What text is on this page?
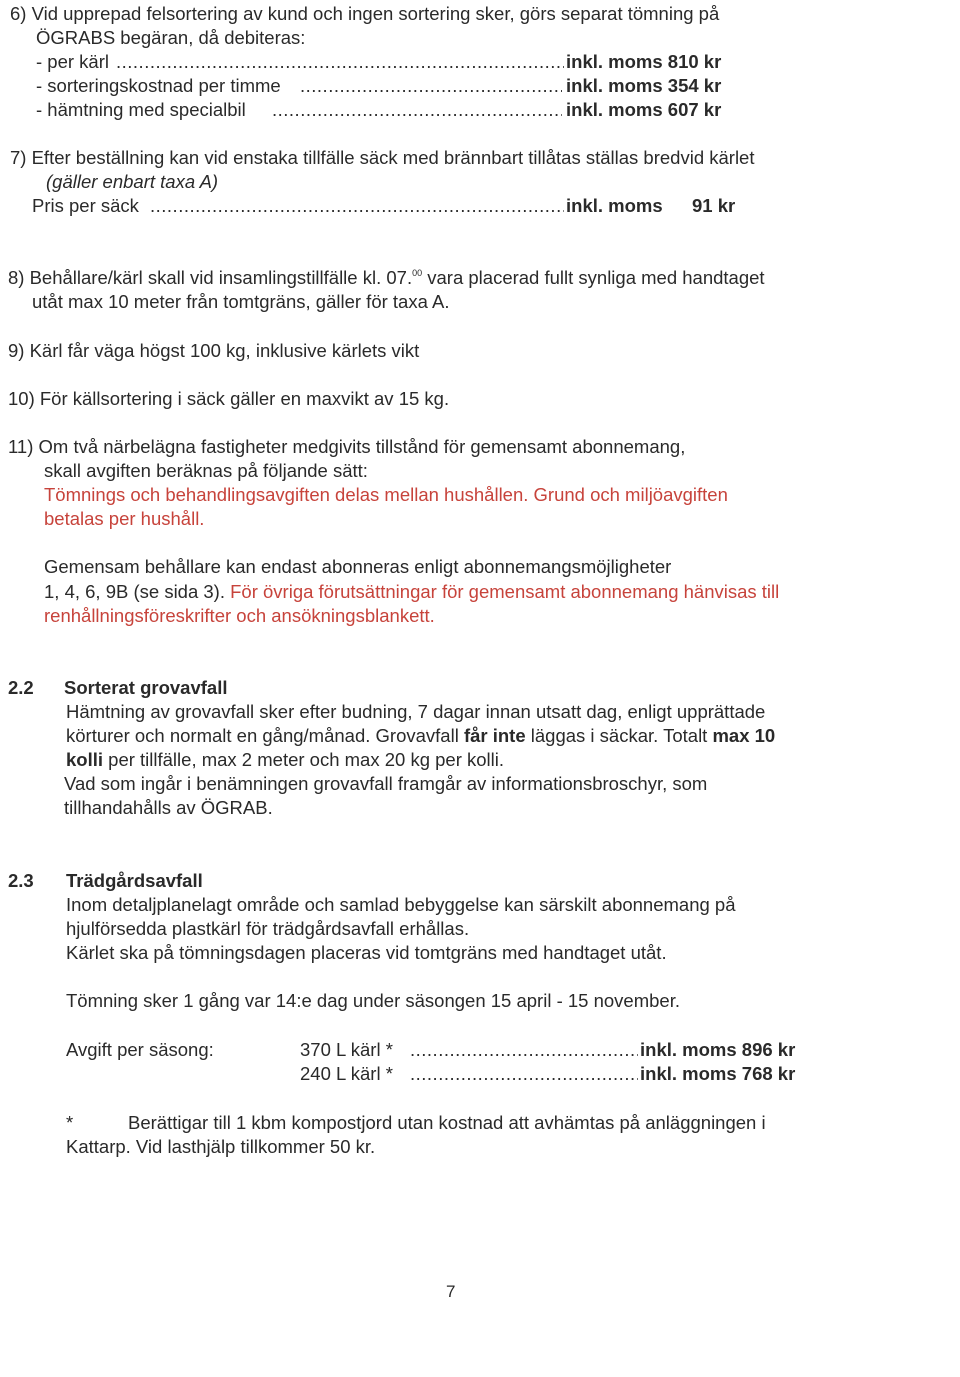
6) Vid upprepad felsortering av kund och ingen sortering sker, görs separat tömning på
ÖGRABS begäran, då debiteras:
- per kärl .....	inkl. moms 810 kr
- sorteringskostnad per timme .....	inkl. moms 354 kr
- hämtning med specialbil .....	inkl. moms 607 kr
7) Efter beställning kan vid enstaka tillfälle säck med brännbart tillåtas ställas bredvid kärlet
(gäller enbart taxa A)
Pris per säck .....	inkl. moms 91 kr
8) Behållare/kärl skall vid insamlingstillfälle kl. 07.00 vara placerad fullt synliga med handtaget
utåt max 10 meter från tomtgräns, gäller för taxa A.
9) Kärl får väga högst 100 kg, inklusive kärlets vikt
10) För källsortering i säck gäller en maxvikt av 15 kg.
11) Om två närbelägna fastigheter medgivits tillstånd för gemensamt abonnemang,
skall avgiften beräknas på följande sätt:
Tömnings och behandlingsavgiften delas mellan hushållen. Grund och miljöavgiften
betalas per hushåll.
Gemensam behållare kan endast abonneras enligt abonnemangsmöjligheter
1, 4, 6, 9B (se sida 3). För övriga förutsättningar för gemensamt abonnemang hänvisas till
renhållningsföreskrifter och ansökningsblankett.
2.2 Sorterat grovavfall
Hämtning av grovavfall sker efter budning, 7 dagar innan utsatt dag, enligt upprättade
körturer och normalt en gång/månad. Grovavfall får inte läggas i säckar. Totalt max 10
kolli per tillfälle, max 2 meter och max 20 kg per kolli.
Vad som ingår i benämningen grovavfall framgår av informationsbroschyr, som
tillhandahålls av ÖGRAB.
2.3 Trädgårdsavfall
Inom detaljplanelagt område och samlad bebyggelse kan särskilt abonnemang på
hjulförsedda plastkärl för trädgårdsavfall erhållas.
Kärlet ska på tömningsdagen placeras vid tomtgräns med handtaget utåt.
Tömning sker 1 gång var 14:e dag under säsongen 15 april - 15 november.
Avgift per säsong:	370 L kärl * .....	inkl. moms 896 kr
240 L kärl * .....	inkl. moms 768 kr
*	Berättigar till 1 kbm kompostjord utan kostnad att avhämtas på anläggningen i
Kattarp. Vid lasthjälp tillkommer 50 kr.
7
